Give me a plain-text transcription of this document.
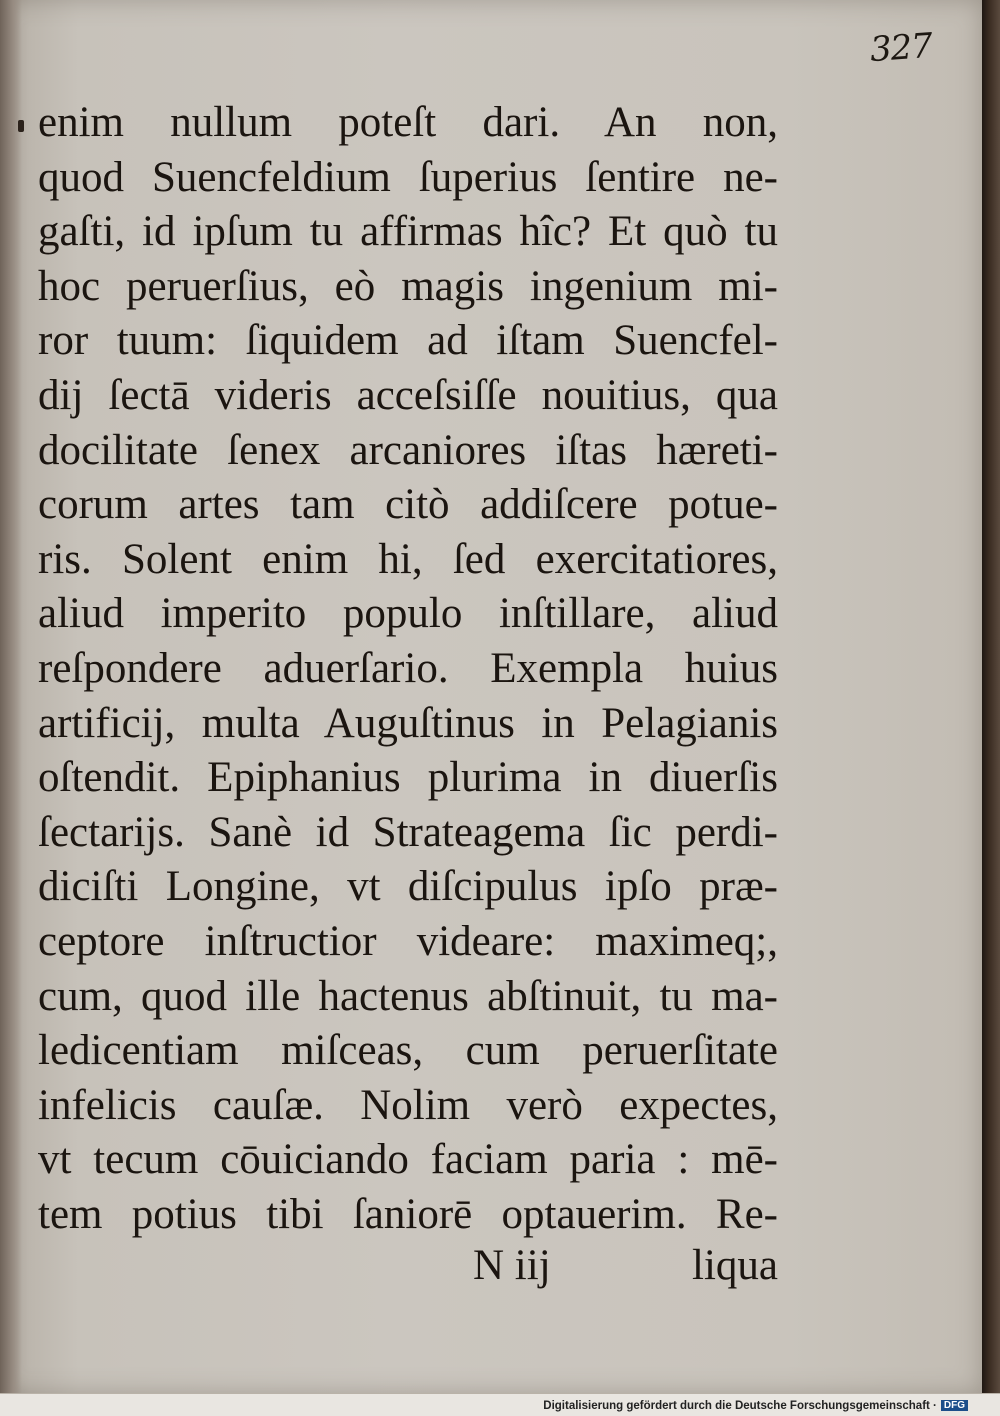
327
enim nullum poteſt dari. An non,
quod Suencfeldium ſuperius ſentire ne-
gaſti, id ipſum tu affirmas hîc? Et quò tu
hoc peruerſius, eò magis ingenium mi-
ror tuum: ſiquidem ad iſtam Suencfel-
dij ſectā videris acceſsiſſe nouitius, qua
docilitate ſenex arcaniores iſtas hæreti-
corum artes tam citò addiſcere potue-
ris. Solent enim hi, ſed exercitatiores,
aliud imperito populo inſtillare, aliud
reſpondere aduerſario. Exempla huius
artificij, multa Auguſtinus in Pelagianis
oſtendit. Epiphanius plurima in diuerſis
ſectarijs. Sanè id Strateagema ſic perdi-
diciſti Longine, vt diſcipulus ipſo præ-
ceptore inſtructior videare: maximeq;,
cum, quod ille hactenus abſtinuit, tu ma-
ledicentiam miſceas, cum peruerſitate
infelicis cauſæ. Nolim verò expectes,
vt tecum cōuiciando faciam paria : mē-
tem potius tibi ſaniorē optauerim. Re-
N iij	liqua
Digitalisierung gefördert durch die Deutsche Forschungsgemeinschaft · DFG
